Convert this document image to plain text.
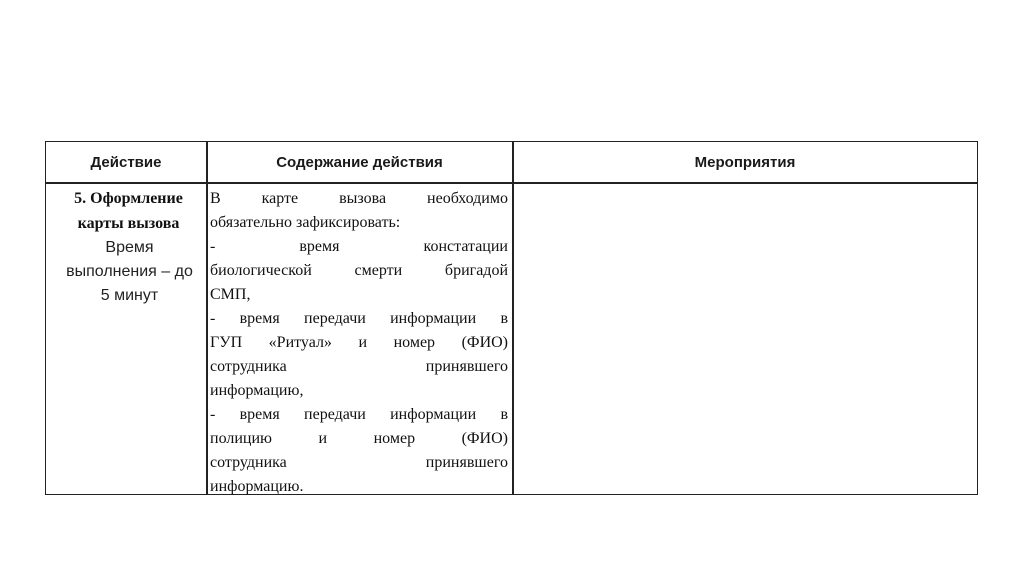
Действие	Содержание действия	Мероприятия
5. Оформление
карты вызова
Время
выполнения – до
5 минут
В карте вызова необходимо
обязательно зафиксировать:
- время констатации
биологической смерти бригадой
СМП,
- время передачи информации в
ГУП «Ритуал» и номер (ФИО)
сотрудника принявшего
информацию,
- время передачи информации в
полицию и номер (ФИО)
сотрудника принявшего
информацию.
